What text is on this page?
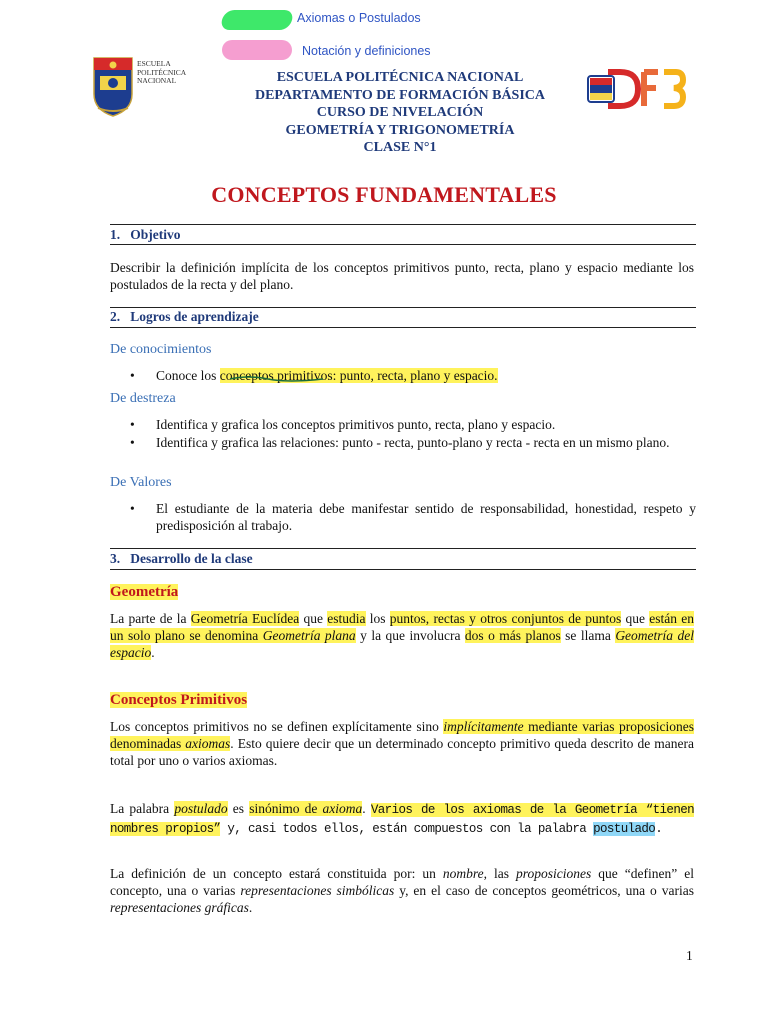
Axiomas o Postulados
Notación y definiciones
ESCUELA POLITÉCNICA NACIONAL	ESCUELA POLITÉCNICA NACIONAL
DEPARTAMENTO DE FORMACIÓN BÁSICA
CURSO DE NIVELACIÓN
GEOMETRÍA Y TRIGONOMETRÍA
CLASE N°1
CONCEPTOS FUNDAMENTALES
1.   Objetivo
Describir la definición implícita de los conceptos primitivos punto, recta, plano y espacio mediante los postulados de la recta y del plano.
2.   Logros de aprendizaje
De conocimientos
•	Conoce los conceptos primitivos: punto, recta, plano y espacio.
De destreza
•	Identifica y grafica los conceptos primitivos punto, recta, plano y espacio.
•	Identifica y grafica las relaciones: punto - recta, punto-plano y recta - recta en un mismo plano.
De Valores
•	El estudiante de la materia debe manifestar sentido de responsabilidad, honestidad, respeto y predisposición al trabajo.
3.   Desarrollo de la clase
Geometría
La parte de la Geometría Euclídea que estudia los puntos, rectas y otros conjuntos de puntos que están en un solo plano se denomina Geometría plana y la que involucra dos o más planos se llama Geometría del espacio.
Conceptos Primitivos
Los conceptos primitivos no se definen explícitamente sino implícitamente mediante varias proposiciones denominadas axiomas. Esto quiere decir que un determinado concepto primitivo queda descrito de manera total por uno o varios axiomas.
La palabra postulado es sinónimo de axioma. Varios de los axiomas de la Geometría “tienen nombres propios” y, casi todos ellos, están compuestos con la palabra postulado.
La definición de un concepto estará constituida por: un nombre, las proposiciones que “definen” el concepto, una o varias representaciones simbólicas y, en el caso de conceptos geométricos, una o varias representaciones gráficas.
1
